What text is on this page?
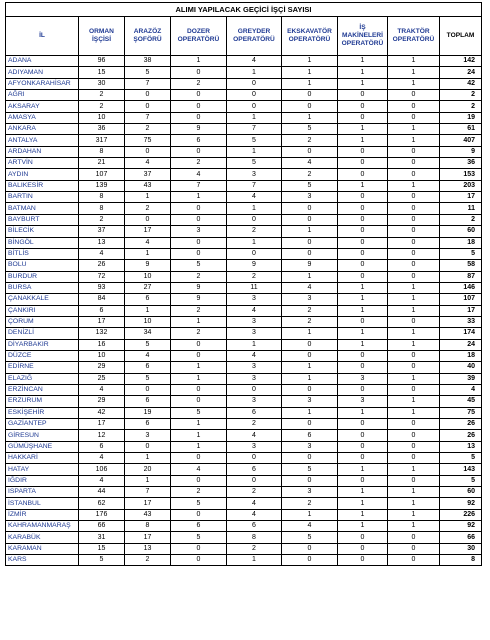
ALIMI YAPILACAK GEÇİCİ İŞÇİ SAYISI								
İL	ORMAN İŞÇİSİ	ARAZÖZ ŞOFÖRÜ	DOZER OPERATÖRÜ	GREYDER OPERATÖRÜ	EKSKAVATÖR OPERATÖRÜ	İŞ MAKİNELERİ OPERATÖRÜ	TRAKTÖR OPERATÖRÜ	TOPLAM
ADANA	96	38	1	4	1	1	1	142
ADIYAMAN	15	5	0	1	1	1	1	24
AFYONKARAHİSAR	30	7	2	0	1	1	1	42
AĞRI	2	0	0	0	0	0	0	2
AKSARAY	2	0	0	0	0	0	0	2
AMASYA	10	7	0	1	1	0	0	19
ANKARA	36	2	9	7	5	1	1	61
ANTALYA	317	75	6	5	2	1	1	407
ARDAHAN	8	0	0	1	0	0	0	9
ARTVİN	21	4	2	5	4	0	0	36
AYDIN	107	37	4	3	2	0	0	153
BALIKESİR	139	43	7	7	5	1	1	203
BARTIN	8	1	1	4	3	0	0	17
BATMAN	8	2	0	1	0	0	0	11
BAYBURT	2	0	0	0	0	0	0	2
BİLECİK	37	17	3	2	1	0	0	60
BİNGÖL	13	4	0	1	0	0	0	18
BİTLİS	4	1	0	0	0	0	0	5
BOLU	26	9	5	9	9	0	0	58
BURDUR	72	10	2	2	1	0	0	87
BURSA	93	27	9	11	4	1	1	146
ÇANAKKALE	84	6	9	3	3	1	1	107
ÇANKIRI	6	1	2	4	2	1	1	17
ÇORUM	17	10	1	3	2	0	0	33
DENİZLİ	132	34	2	3	1	1	1	174
DİYARBAKIR	16	5	0	1	0	1	1	24
DÜZCE	10	4	0	4	0	0	0	18
EDİRNE	29	6	1	3	1	0	0	40
ELAZIĞ	25	5	1	3	1	3	1	39
ERZİNCAN	4	0	0	0	0	0	0	4
ERZURUM	29	6	0	3	3	3	1	45
ESKİŞEHİR	42	19	5	6	1	1	1	75
GAZİANTEP	17	6	1	2	0	0	0	26
GİRESUN	12	3	1	4	6	0	0	26
GÜMÜŞHANE	6	0	1	3	3	0	0	13
HAKKARİ	4	1	0	0	0	0	0	5
HATAY	106	20	4	6	5	1	1	143
IĞDIR	4	1	0	0	0	0	0	5
ISPARTA	44	7	2	2	3	1	1	60
İSTANBUL	62	17	5	4	2	1	1	92
İZMİR	176	43	0	4	1	1	1	226
KAHRAMANMARAŞ	66	8	6	6	4	1	1	92
KARABÜK	31	17	5	8	5	0	0	66
KARAMAN	15	13	0	2	0	0	0	30
KARS	5	2	0	1	0	0	0	8
